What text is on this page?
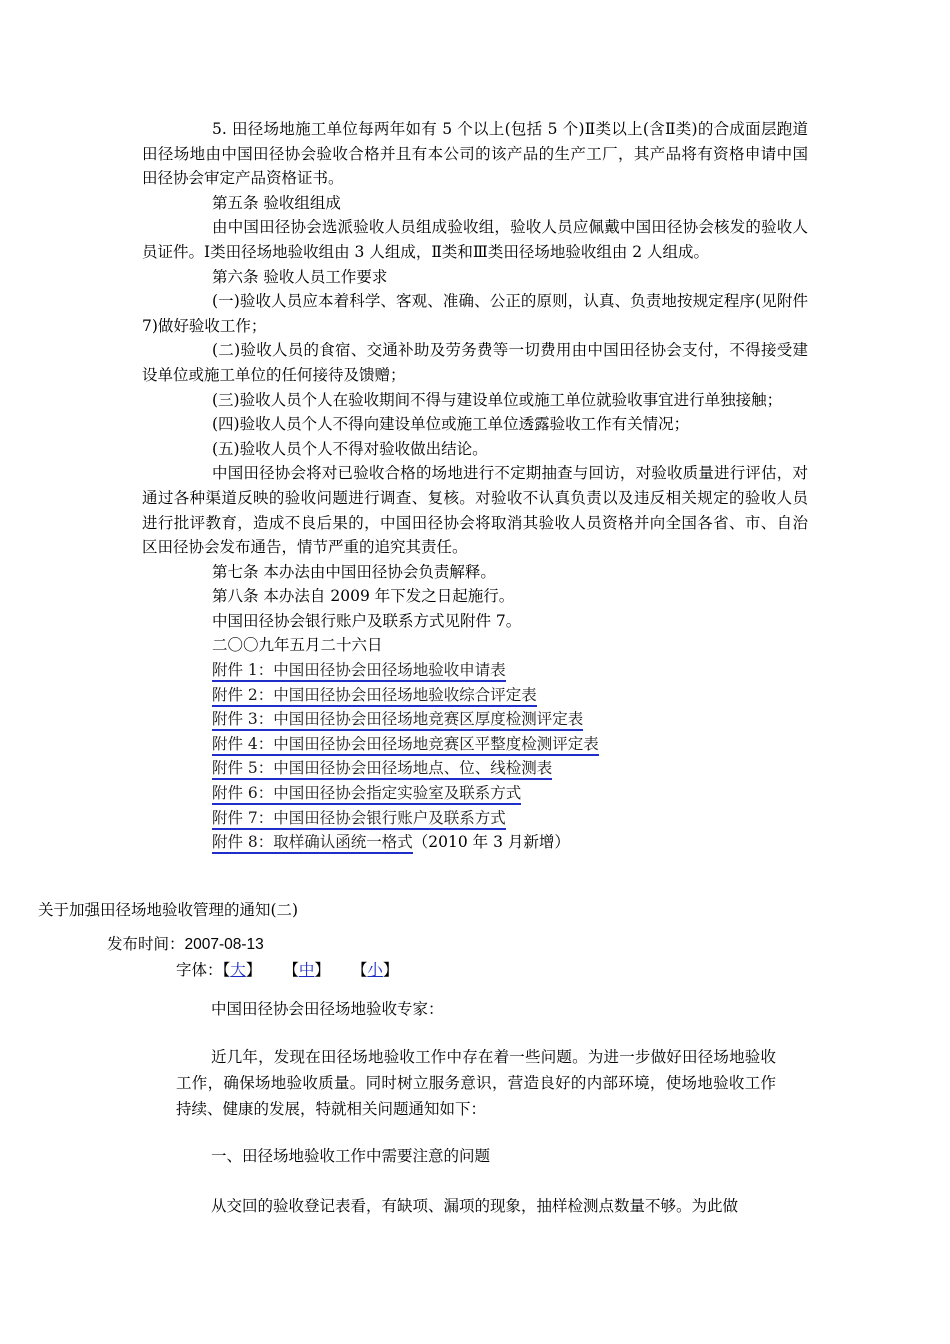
5. 田径场地施工单位每两年如有 5 个以上(包括 5 个)Ⅱ类以上(含Ⅱ类)的合成面层跑道田径场地由中国田径协会验收合格并且有本公司的该产品的生产工厂，其产品将有资格申请中国田径协会审定产品资格证书。

第五条 验收组组成

由中国田径协会选派验收人员组成验收组，验收人员应佩戴中国田径协会核发的验收人员证件。Ⅰ类田径场地验收组由 3 人组成，Ⅱ类和Ⅲ类田径场地验收组由 2 人组成。

第六条 验收人员工作要求

(一)验收人员应本着科学、客观、准确、公正的原则，认真、负责地按规定程序(见附件 7)做好验收工作；

(二)验收人员的食宿、交通补助及劳务费等一切费用由中国田径协会支付，不得接受建设单位或施工单位的任何接待及馈赠；

(三)验收人员个人在验收期间不得与建设单位或施工单位就验收事宜进行单独接触；

(四)验收人员个人不得向建设单位或施工单位透露验收工作有关情况；

(五)验收人员个人不得对验收做出结论。

中国田径协会将对已验收合格的场地进行不定期抽查与回访，对验收质量进行评估，对通过各种渠道反映的验收问题进行调查、复核。对验收不认真负责以及违反相关规定的验收人员进行批评教育，造成不良后果的，中国田径协会将取消其验收人员资格并向全国各省、市、自治区田径协会发布通告，情节严重的追究其责任。

第七条 本办法由中国田径协会负责解释。

第八条 本办法自 2009 年下发之日起施行。

中国田径协会银行账户及联系方式见附件 7。

二〇〇九年五月二十六日

附件 1：中国田径协会田径场地验收申请表

附件 2：中国田径协会田径场地验收综合评定表

附件 3：中国田径协会田径场地竞赛区厚度检测评定表

附件 4：中国田径协会田径场地竞赛区平整度检测评定表

附件 5：中国田径协会田径场地点、位、线检测表

附件 6：中国田径协会指定实验室及联系方式

附件 7：中国田径协会银行账户及联系方式

附件 8：取样确认函统一格式（2010 年 3 月新增）

关于加强田径场地验收管理的通知(二)
发布时间：2007-08-13
字体：【大】 【中】 【小】

中国田径协会田径场地验收专家：

近几年，发现在田径场地验收工作中存在着一些问题。为进一步做好田径场地验收工作，确保场地验收质量。同时树立服务意识，营造良好的内部环境，使场地验收工作持续、健康的发展，特就相关问题通知如下：

一、田径场地验收工作中需要注意的问题

从交回的验收登记表看，有缺项、漏项的现象，抽样检测点数量不够。为此做
